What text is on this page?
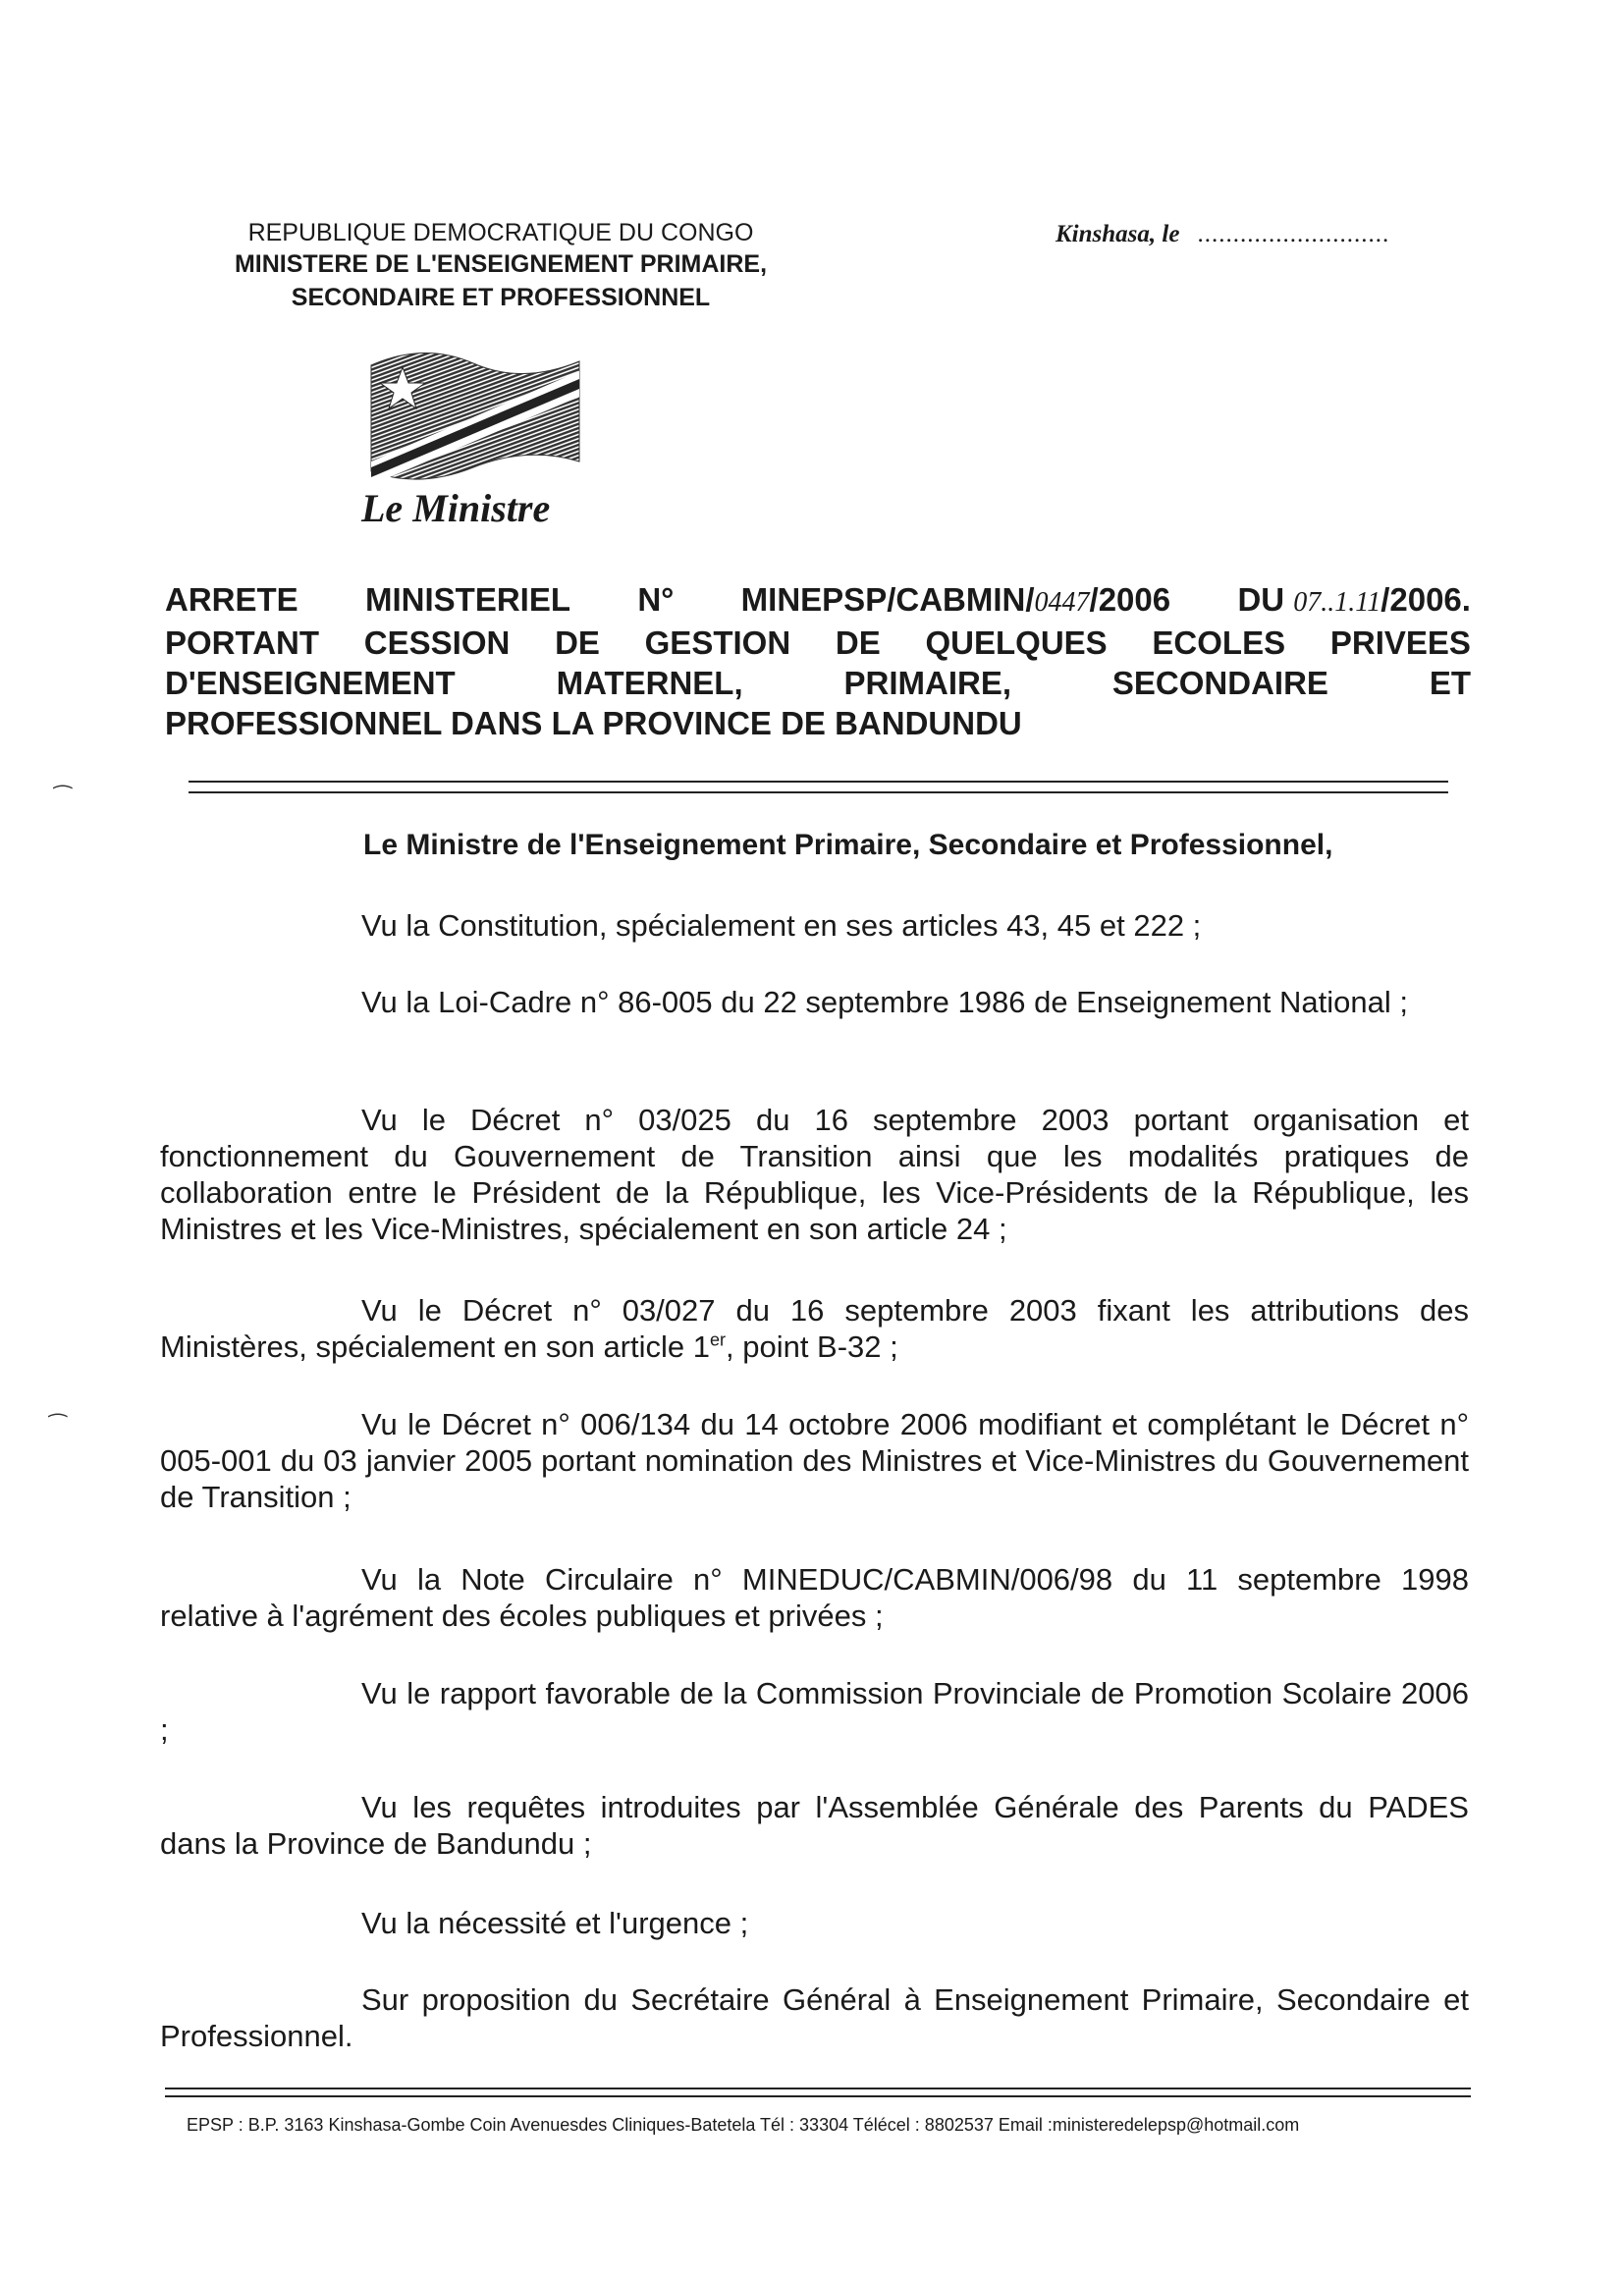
REPUBLIQUE DEMOCRATIQUE DU CONGO
MINISTERE DE L'ENSEIGNEMENT PRIMAIRE,
SECONDAIRE ET PROFESSIONNEL
Kinshasa, le ...........................
Le Ministre
ARRETE MINISTERIEL N° MINEPSP/CABMIN/0447/2006 DU 07..1.11/2006.
PORTANT CESSION DE GESTION DE QUELQUES ECOLES PRIVEES
D'ENSEIGNEMENT	MATERNEL,	PRIMAIRE,	SECONDAIRE	ET
PROFESSIONNEL DANS LA PROVINCE DE BANDUNDU
Le Ministre de l'Enseignement Primaire, Secondaire et Professionnel,
Vu la Constitution, spécialement en ses articles 43, 45 et 222 ;
Vu la Loi-Cadre n° 86-005 du 22 septembre 1986 de Enseignement National ;
Vu le Décret n° 03/025 du 16 septembre 2003 portant organisation et fonctionnement du Gouvernement de Transition ainsi que les modalités pratiques de collaboration entre le Président de la République, les Vice-Présidents de la République, les Ministres et les Vice-Ministres, spécialement en son article 24 ;
Vu le Décret n° 03/027 du 16 septembre 2003 fixant les attributions des Ministères, spécialement en son article 1er, point B-32 ;
Vu le Décret n° 006/134 du 14 octobre 2006 modifiant et complétant le Décret n° 005-001 du 03 janvier 2005 portant nomination des Ministres et Vice-Ministres du Gouvernement de Transition ;
Vu la Note Circulaire n° MINEDUC/CABMIN/006/98 du 11 septembre 1998 relative à l'agrément des écoles publiques et privées ;
Vu le rapport favorable de la Commission Provinciale de Promotion Scolaire 2006 ;
Vu les requêtes introduites par l'Assemblée Générale des Parents du PADES dans la Province de Bandundu ;
Vu la nécessité et l'urgence ;
Sur proposition du Secrétaire Général à Enseignement Primaire, Secondaire et Professionnel.
EPSP : B.P. 3163 Kinshasa-Gombe Coin Avenuesdes Cliniques-Batetela Tél : 33304 Télécel : 8802537 Email :ministeredelepsp@hotmail.com
⁀
⁀
